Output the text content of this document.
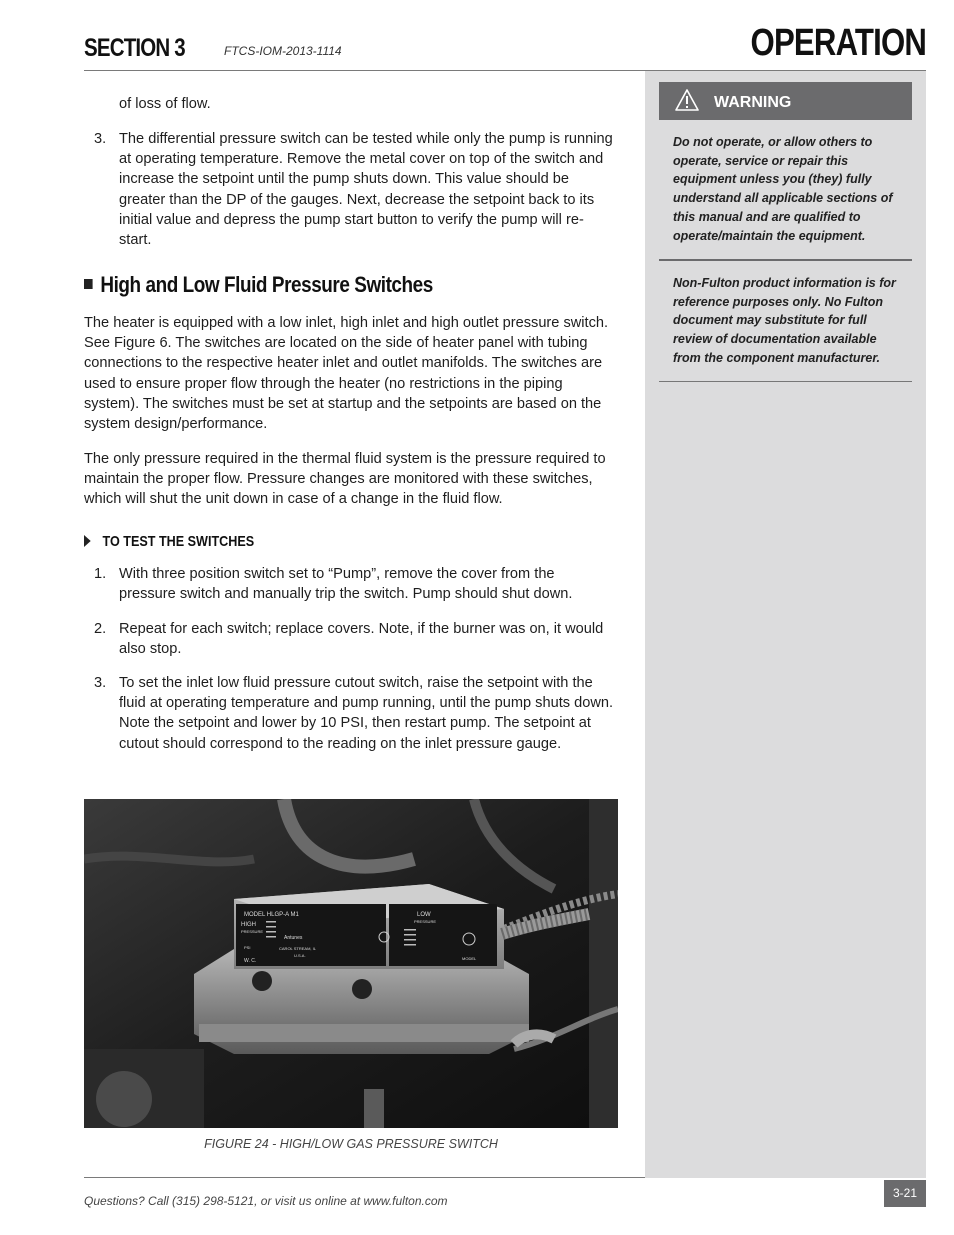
SECTION 3	FTCS-IOM-2013-1114	OPERATION

of loss of flow.

3. The differential pressure switch can be tested while only the pump is running at operating temperature. Remove the metal cover on top of the switch and increase the setpoint until the pump shuts down. This value should be greater than the DP of the gauges. Next, decrease the setpoint back to its initial value and depress the pump start button to verify the pump will re-start.
High and Low Fluid Pressure Switches

The heater is equipped with a low inlet, high inlet and high outlet pressure switch. See Figure 6. The switches are located on the side of heater panel with tubing connections to the respective heater inlet and outlet manifolds. The switches are used to ensure proper flow through the heater (no restrictions in the piping system). The switches must be set at startup and the setpoints are based on the system design/performance.

The only pressure required in the thermal fluid system is the pressure required to maintain the proper flow. Pressure changes are monitored with these switches, which will shut the unit down in case of a change in the fluid flow.

TO TEST THE SWITCHES
1. With three position switch set to “Pump”, remove the cover from the pressure switch and manually trip the switch. Pump should shut down.
2. Repeat for each switch; replace covers. Note, if the burner was on, it would also stop.
3. To set the inlet low fluid pressure cutout switch, raise the setpoint with the fluid at operating temperature and pump running, until the pump shuts down. Note the setpoint and lower by 10 PSI, then restart pump. The setpoint at cutout should correspond to the reading on the inlet pressure gauge.
MODEL HLGP-A M1
HIGH
PRESSURE
Antunes
CAROL STREAM, IL
U.S.A.
W. C.
PSI
LOW
PRESSURE
MODEL
FIGURE 24 - HIGH/LOW GAS PRESSURE SWITCH
WARNING
Do not operate, or allow others to operate, service or repair this equipment unless you (they) fully understand all applicable sections of this manual and are qualified to operate/maintain the equipment.
Non-Fulton product information is for reference purposes only. No Fulton document may substitute for full review of documentation available from the component manufacturer.
Questions? Call (315) 298-5121, or visit us online at www.fulton.com
3-21
